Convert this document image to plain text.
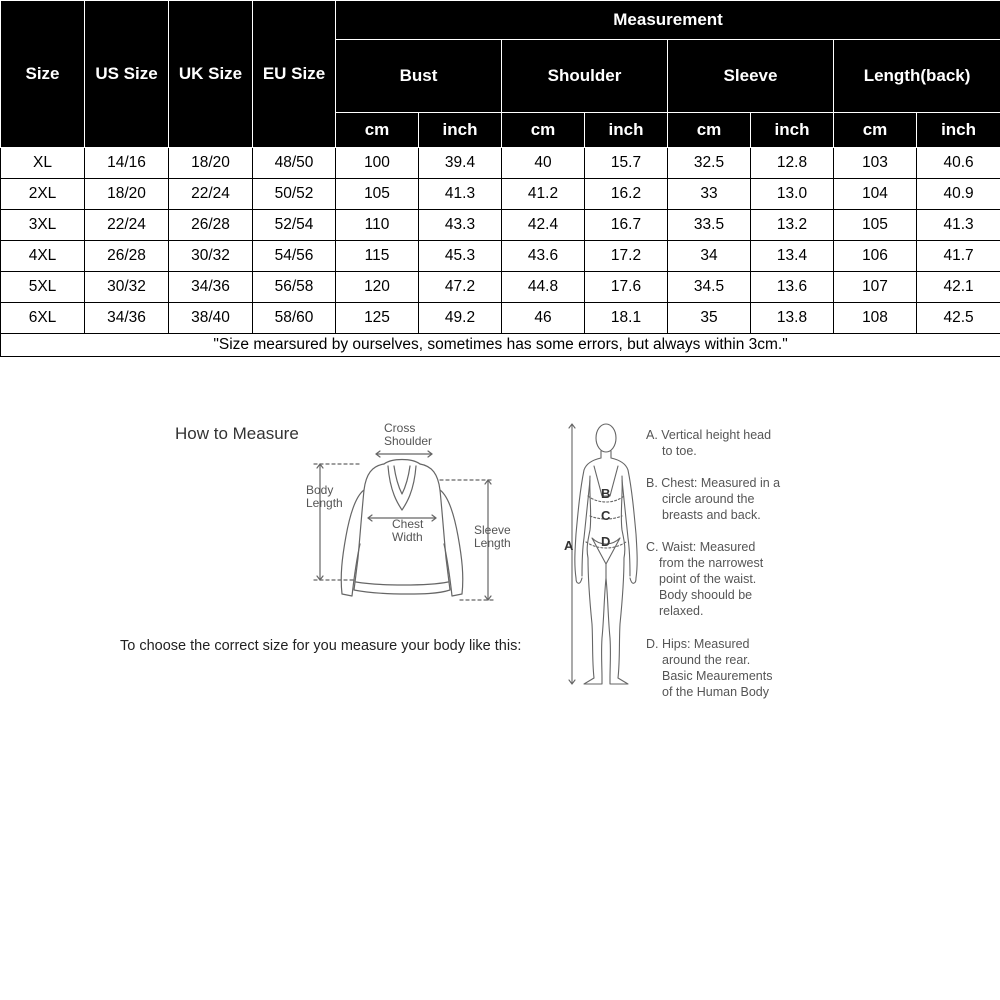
Size	US Size	UK Size	EU Size	Measurement							
				Bust		Shoulder		Sleeve		Length(back)	
				cm	inch	cm	inch	cm	inch	cm	inch
XL	14/16	18/20	48/50	100	39.4	40	15.7	32.5	12.8	103	40.6
2XL	18/20	22/24	50/52	105	41.3	41.2	16.2	33	13.0	104	40.9
3XL	22/24	26/28	52/54	110	43.3	42.4	16.7	33.5	13.2	105	41.3
4XL	26/28	30/32	54/56	115	45.3	43.6	17.2	34	13.4	106	41.7
5XL	30/32	34/36	56/58	120	47.2	44.8	17.6	34.5	13.6	107	42.1
6XL	34/36	38/40	58/60	125	49.2	46	18.1	35	13.8	108	42.5
"Size mearsured by ourselves, sometimes has some errors, but always within 3cm."											
How to Measure
To choose the correct size for you measure your body like this:
Cross
Shoulder
Body
Length
Chest
Width	Sleeve
Length
B
C
D
A
A. Vertical height head
to toe.
B. Chest: Measured in a
circle around the
breasts and back.
C. Waist: Measured
from the narrowest
point of the waist.
Body shoould be
relaxed.
D. Hips: Measured
around the rear.
Basic Meaurements
of the Human Body
